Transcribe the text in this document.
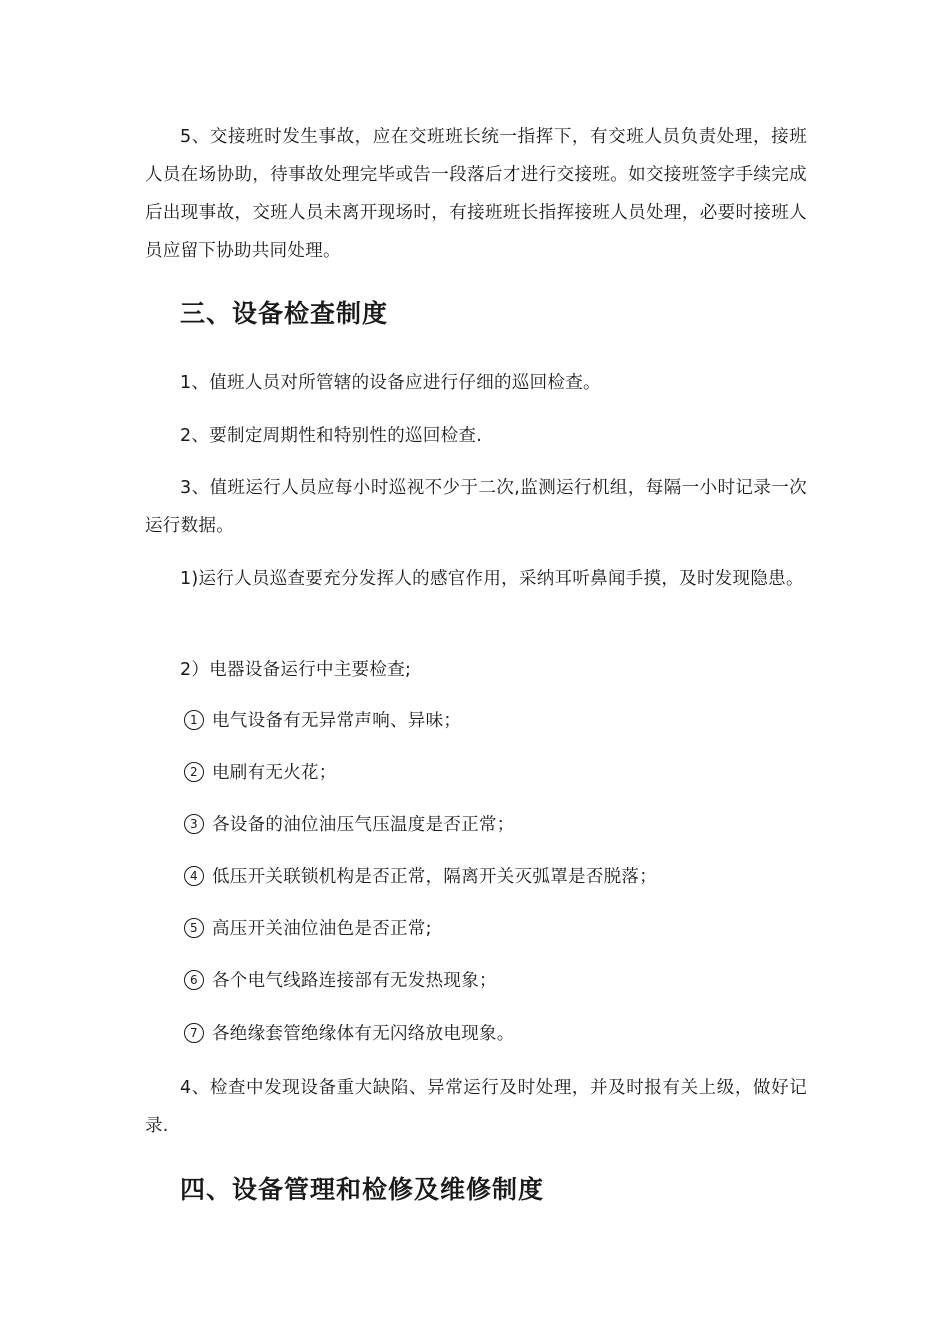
5、交接班时发生事故，应在交班班长统一指挥下，有交班人员负责处理，接班人员在场协助，待事故处理完毕或告一段落后才进行交接班。如交接班签字手续完成后出现事故，交班人员未离开现场时，有接班班长指挥接班人员处理，必要时接班人员应留下协助共同处理。

三、设备检查制度

1、值班人员对所管辖的设备应进行仔细的巡回检查。

2、要制定周期性和特别性的巡回检查.

3、值班运行人员应每小时巡视不少于二次,监测运行机组，每隔一小时记录一次运行数据。

1)运行人员巡查要充分发挥人的感官作用，采纳耳听鼻闻手摸，及时发现隐患。

2）电器设备运行中主要检查;

1 电气设备有无异常声响、异味；

2 电刷有无火花；

3 各设备的油位油压气压温度是否正常；

4 低压开关联锁机构是否正常，隔离开关灭弧罩是否脱落；

5 高压开关油位油色是否正常;

6 各个电气线路连接部有无发热现象；

7 各绝缘套管绝缘体有无闪络放电现象。

4、检查中发现设备重大缺陷、异常运行及时处理，并及时报有关上级，做好记录.

四、设备管理和检修及维修制度
